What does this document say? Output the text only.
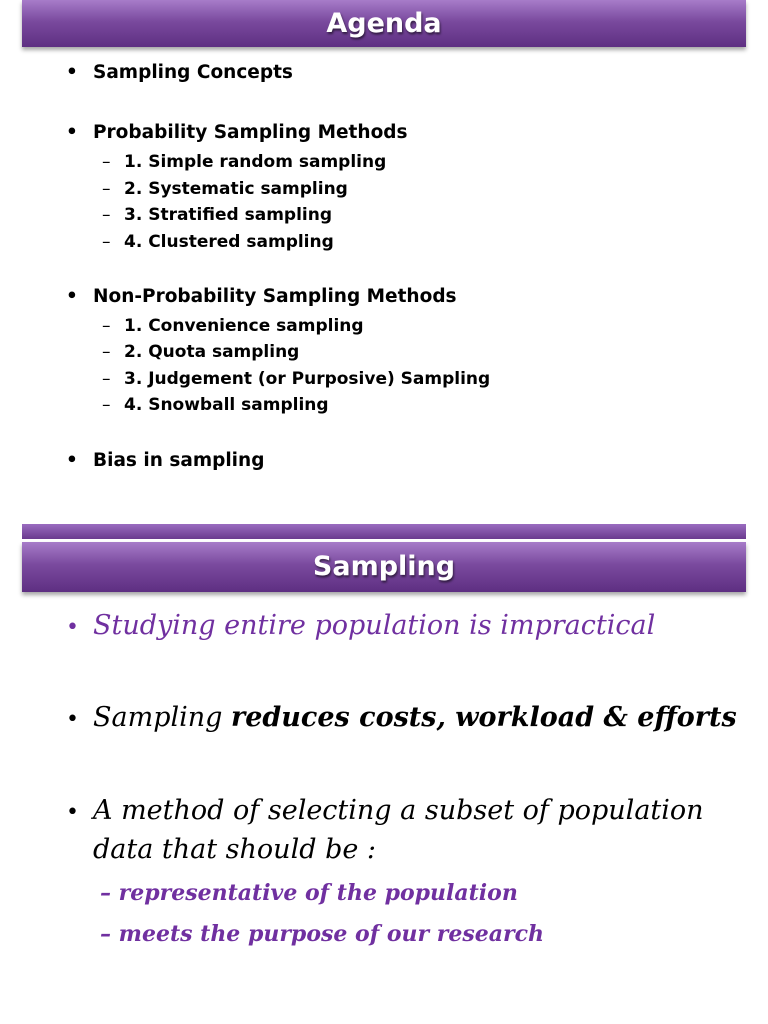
Agenda
• Sampling Concepts
• Probability Sampling Methods
– 1. Simple random sampling
– 2. Systematic sampling
– 3. Stratified sampling
– 4. Clustered sampling
• Non-Probability Sampling Methods
– 1. Convenience sampling
– 2. Quota sampling
– 3. Judgement (or Purposive) Sampling
– 4. Snowball sampling
• Bias in sampling
Sampling
• Studying entire population is impractical
• Sampling reduces costs, workload & efforts
• A method of selecting a subset of population
data that should be :
– representative of the population
– meets the purpose of our research
